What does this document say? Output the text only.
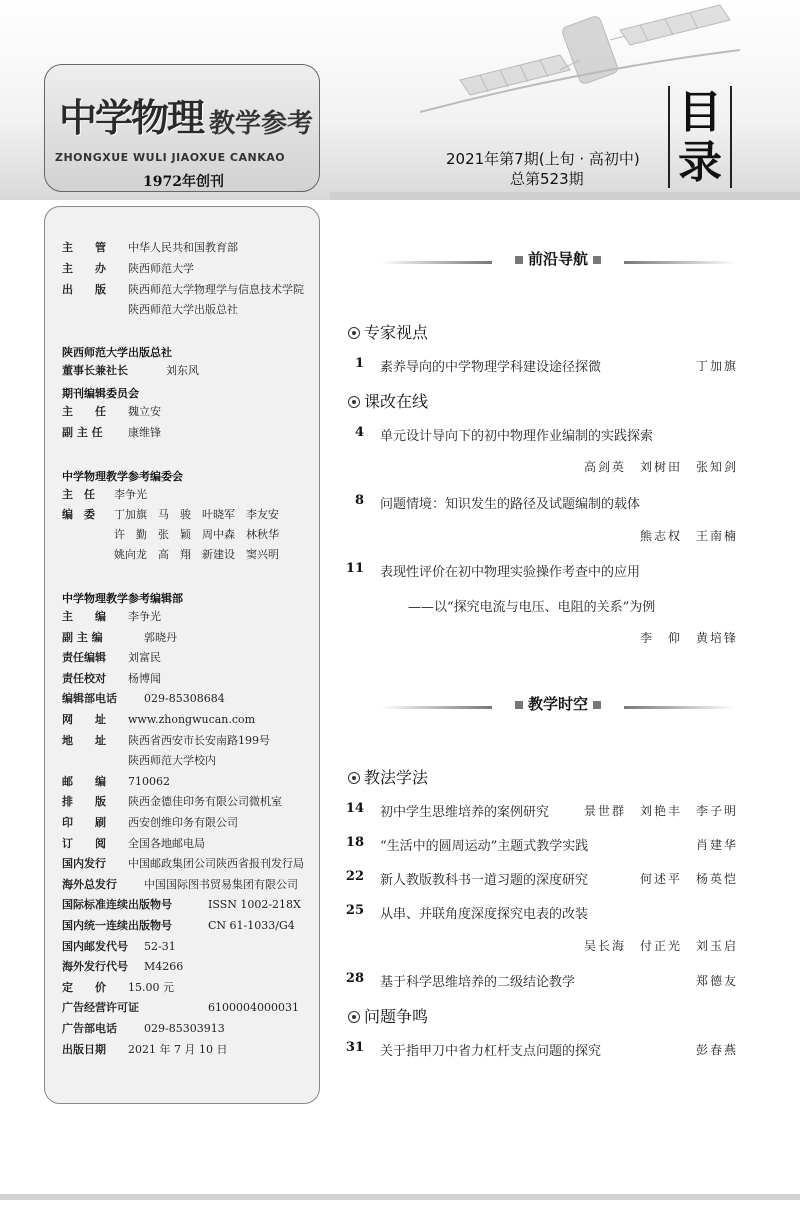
中学物理 教学参考
ZHONGXUE WULI JIAOXUE CANKAO
1972年创刊
2021年第7期(上旬 · 高初中)
总第523期
目录
主　　管 中华人民共和国教育部
主　　办 陕西师范大学
出　　版 陕西师范大学物理学与信息技术学院
陕西师范大学出版总社
陕西师范大学出版总社
董事长兼社长	刘东风
期刊编辑委员会
主　　任 魏立安
副 主 任 康维锋
中学物理教学参考编委会
主　任 李争光
编　委 丁加旗　马　骏　叶晓军　李友安
许　勤　张　颖　周中森　林秋华
姚向龙　高　翔　新建设　窦兴明
中学物理教学参考编辑部
主　　编 李争光
副 主 编	郭晓丹
责任编辑 刘富民
责任校对 杨博闻
编辑部电话 029-85308684
网　　址 www.zhongwucan.com
地　　址 陕西省西安市长安南路199号
陕西师范大学校内
邮　　编 710062
排　　版 陕西金德佳印务有限公司微机室
印　　刷 西安创维印务有限公司
订　　阅 全国各地邮电局
国内发行 中国邮政集团公司陕西省报刊发行局
海外总发行 中国国际图书贸易集团有限公司
国际标准连续出版物号	ISSN 1002-218X
国内统一连续出版物号	CN 61-1033/G4
国内邮发代号 52-31
海外发行代号 M4266
定　　价 15.00 元
广告经营许可证	6100004000031
广告部电话 029-85303913
出版日期 2021 年 7 月 10 日
前沿导航
专家视点
1 素养导向的中学物理学科建设途径探微	丁加旗
课改在线
4 单元设计导向下的初中物理作业编制的实践探索
高剑英　刘树田　张知剑
8 问题情境：知识发生的路径及试题编制的载体
熊志权　王南楠
11 表现性评价在初中物理实验操作考查中的应用
——以“探究电流与电压、电阻的关系”为例
李　仰　黄培锋
教学时空
教法学法
14 初中学生思维培养的案例研究	景世群　刘艳丰　李子明
18 “生活中的圆周运动”主题式教学实践	肖建华
22 新人教版教科书一道习题的深度研究	何述平　杨英恺
25 从串、并联角度深度探究电表的改装
吴长海　付正光　刘玉启
28 基于科学思维培养的二级结论教学	郑德友
问题争鸣
31 关于指甲刀中省力杠杆支点问题的探究	彭春燕
